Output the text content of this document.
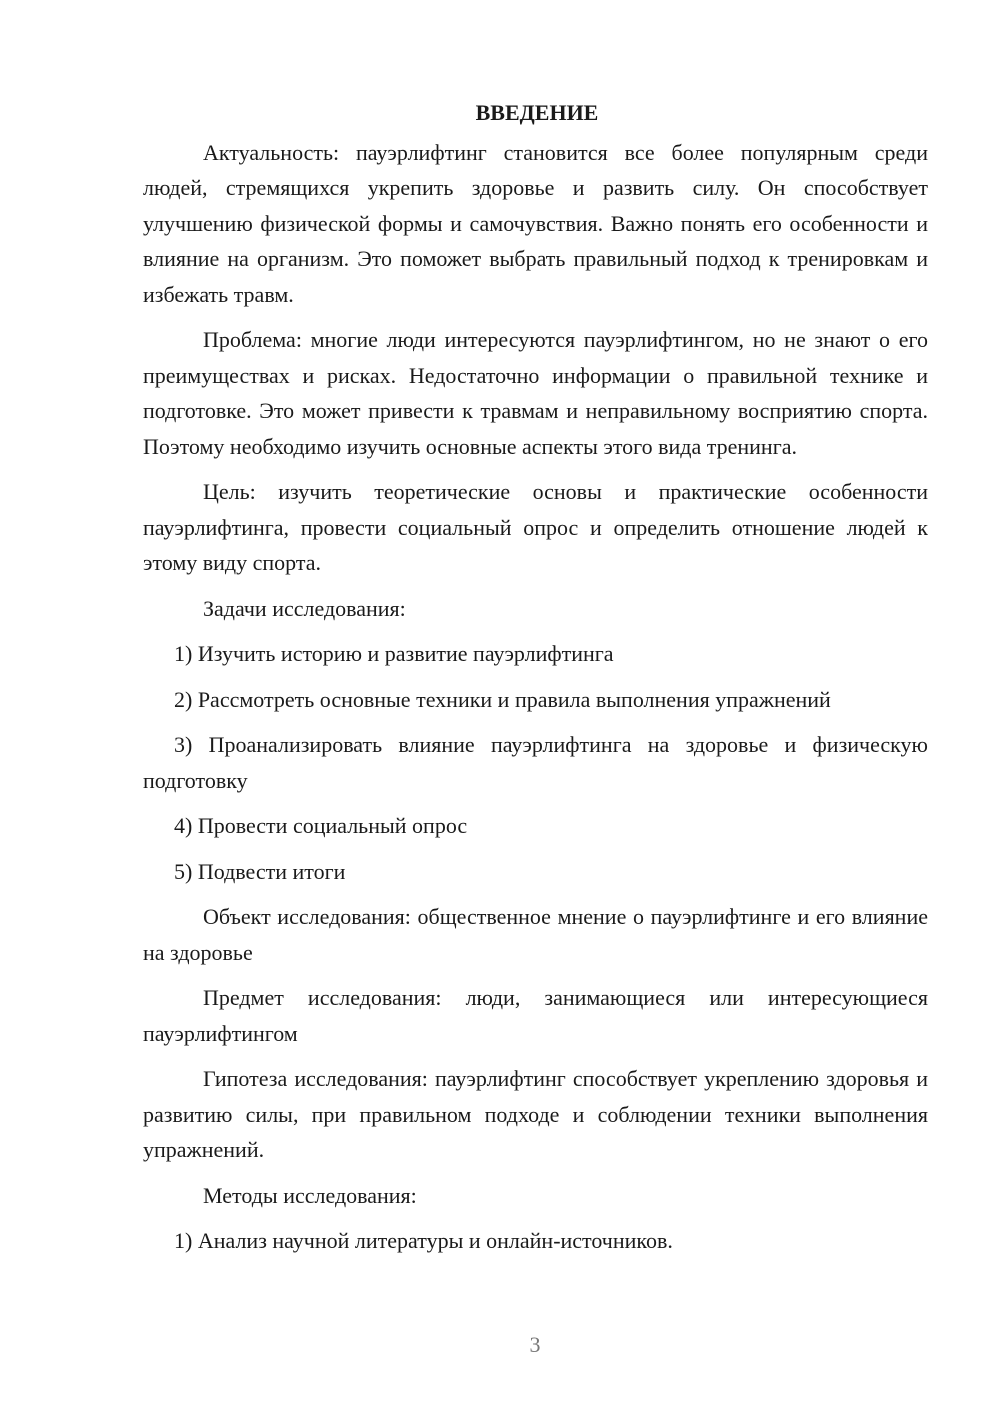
ВВЕДЕНИЕ
Актуальность: пауэрлифтинг становится все более популярным среди людей, стремящихся укрепить здоровье и развить силу. Он способствует улучшению физической формы и самочувствия. Важно понять его особенности и влияние на организм. Это поможет выбрать правильный подход к тренировкам и избежать травм.
Проблема: многие люди интересуются пауэрлифтингом, но не знают о его преимуществах и рисках. Недостаточно информации о правильной технике и подготовке. Это может привести к травмам и неправильному восприятию спорта. Поэтому необходимо изучить основные аспекты этого вида тренинга.
Цель: изучить теоретические основы и практические особенности пауэрлифтинга, провести социальный опрос и определить отношение людей к этому виду спорта.
Задачи исследования:
1) Изучить историю и развитие пауэрлифтинга
2) Рассмотреть основные техники и правила выполнения упражнений
3) Проанализировать влияние пауэрлифтинга на здоровье и физическую подготовку
4) Провести социальный опрос
5) Подвести итоги
Объект исследования: общественное мнение о пауэрлифтинге и его влияние на здоровье
Предмет исследования: люди, занимающиеся или интересующиеся пауэрлифтингом
Гипотеза исследования: пауэрлифтинг способствует укреплению здоровья и развитию силы, при правильном подходе и соблюдении техники выполнения упражнений.
Методы исследования:
1) Анализ научной литературы и онлайн-источников.
3
